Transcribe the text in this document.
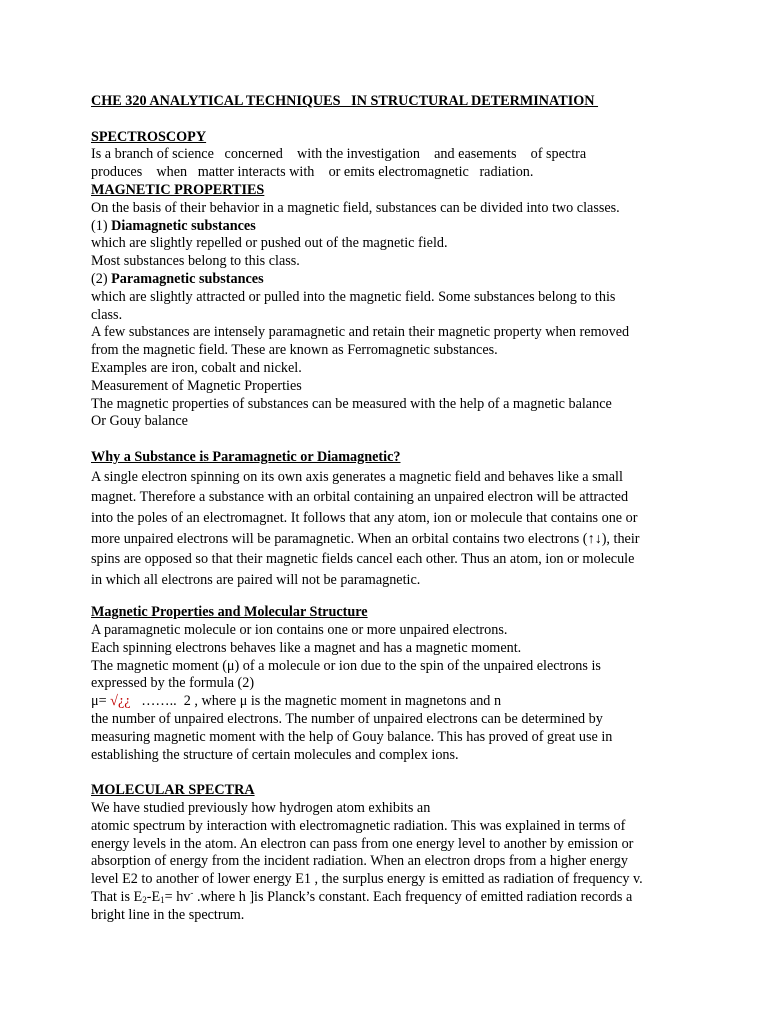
CHE 320 ANALYTICAL TECHNIQUES   IN STRUCTURAL DETERMINATION

SPECTROSCOPY

Is a branch of science   concerned    with the investigation    and easements    of spectra

produces    when   matter interacts with    or emits electromagnetic   radiation.

MAGNETIC PROPERTIES

On the basis of their behavior in a magnetic field, substances can be divided into two classes.

(1) Diamagnetic substances

which are slightly repelled or pushed out of the magnetic field.

Most substances belong to this class.

(2) Paramagnetic substances

which are slightly attracted or pulled into the magnetic field. Some substances belong to this

class.

A few substances are intensely paramagnetic and retain their magnetic property when removed

from the magnetic field. These are known as Ferromagnetic substances.

Examples are iron, cobalt and nickel.

Measurement of Magnetic Properties

The magnetic properties of substances can be measured with the help of a magnetic balance

Or Gouy balance

Why a Substance is Paramagnetic or Diamagnetic?

A single electron spinning on its own axis generates a magnetic field and behaves like a small

magnet. Therefore a substance with an orbital containing an unpaired electron will be attracted

into the poles of an electromagnet. It follows that any atom, ion or molecule that contains one or

more unpaired electrons will be paramagnetic. When an orbital contains two electrons (↑↓), their

spins are opposed so that their magnetic fields cancel each other. Thus an atom, ion or molecule

in which all electrons are paired will not be paramagnetic.

Magnetic Properties and Molecular Structure

A paramagnetic molecule or ion contains one or more unpaired electrons.

Each spinning electrons behaves like a magnet and has a magnetic moment.

The magnetic moment (μ) of a molecule or ion due to the spin of the unpaired electrons is

expressed by the formula (2)

μ= √¿¿   ……..  2 , where μ is the magnetic moment in magnetons and n

the number of unpaired electrons. The number of unpaired electrons can be determined by

measuring magnetic moment with the help of Gouy balance. This has proved of great use in

establishing the structure of certain molecules and complex ions.

MOLECULAR SPECTRA

We have studied previously how hydrogen atom exhibits an

atomic spectrum by interaction with electromagnetic radiation. This was explained in terms of

energy levels in the atom. An electron can pass from one energy level to another by emission or

absorption of energy from the incident radiation. When an electron drops from a higher energy

level E2 to another of lower energy E1 , the surplus energy is emitted as radiation of frequency v.

That is $E_2-E_1= hv^-$ .where h ]is Planck’s constant. Each frequency of emitted radiation records a

bright line in the spectrum.
